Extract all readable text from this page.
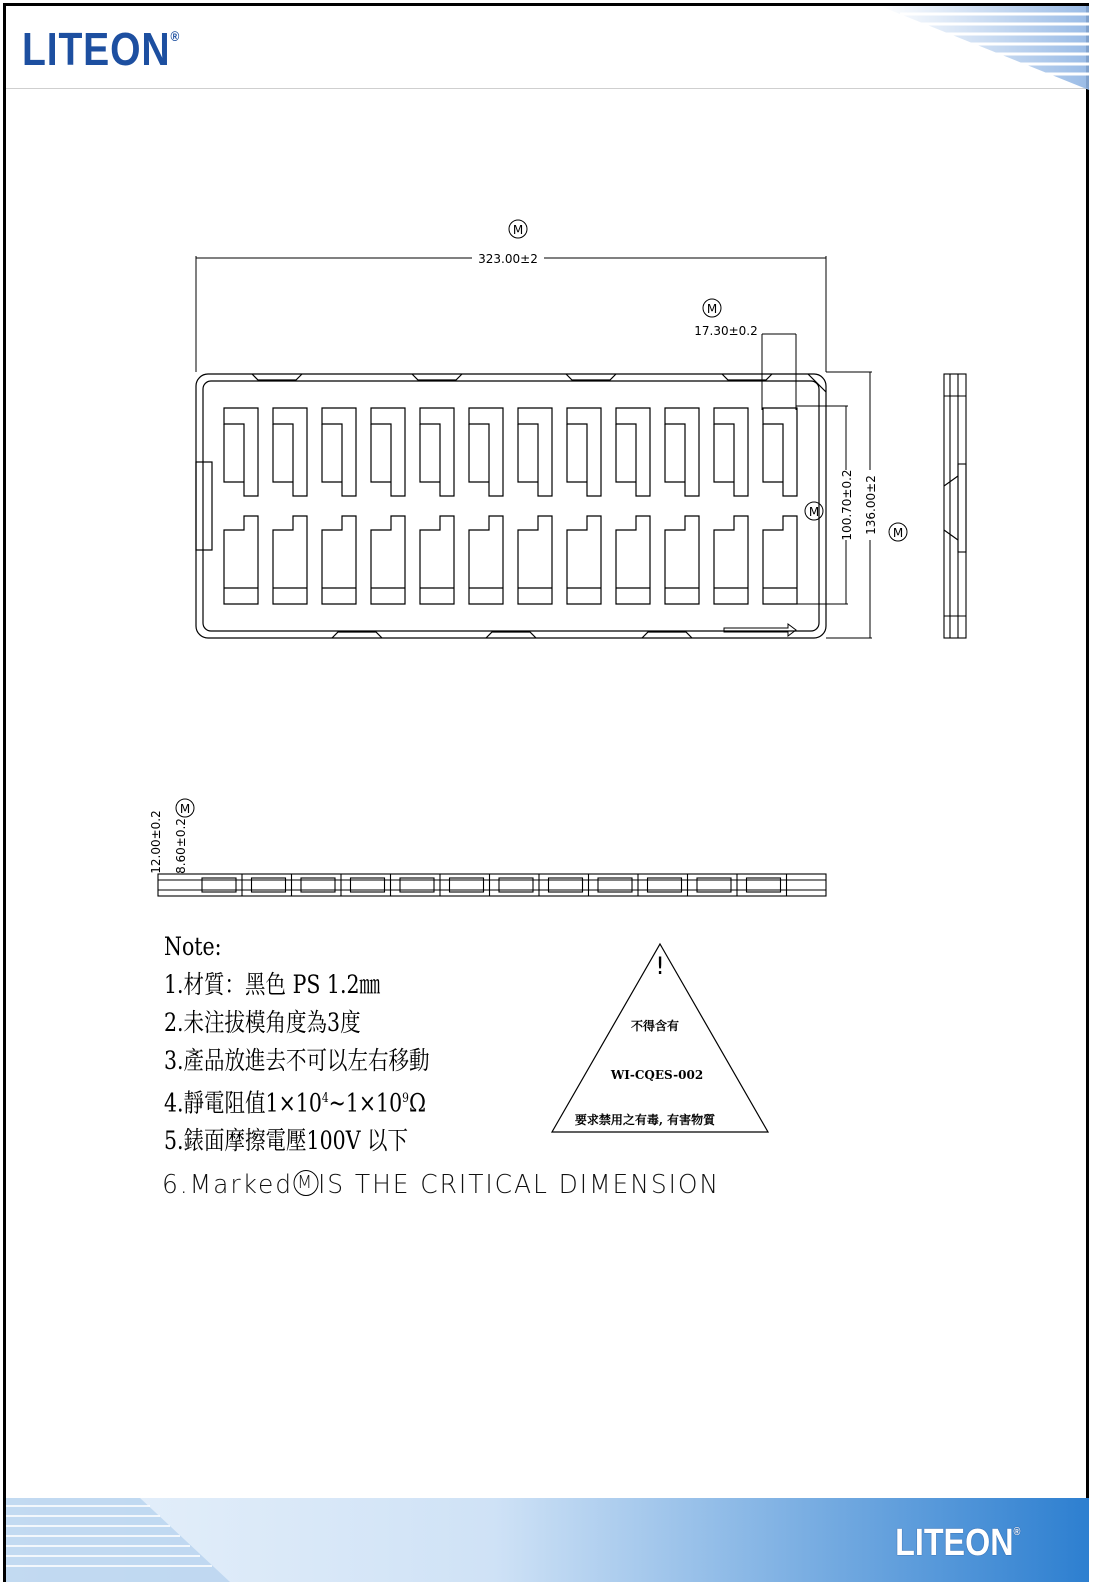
LITEON®
M
323.00±2
M
17.30±0.2
M
M
100.70±0.2 136.00±2
M
12.00±0.2 8.60±0.2
!
不得含有
WI-CQES-002
要求禁用之有毒, 有害物質
Note:
1.材質：黑色 PS 1.2㎜
2.未注拔模角度為3度
3.產品放進去不可以左右移動
4.靜電阻值$1\times 10^4\sim 1\times 10^9\Omega$
5.錶面摩擦電壓100V 以下
6.Marked M IS THE CRITICAL DIMENSION
LITEON®
